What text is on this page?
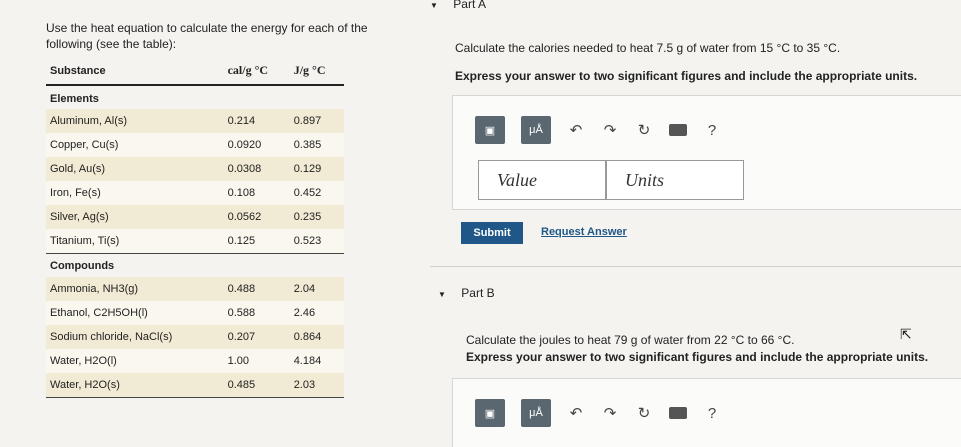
Use the heat equation to calculate the energy for each of the following (see the table):
Substance	cal/g °C	J/g °C
Elements		
Aluminum, Al(s)	0.214	0.897
Copper, Cu(s)	0.0920	0.385
Gold, Au(s)	0.0308	0.129
Iron, Fe(s)	0.108	0.452
Silver, Ag(s)	0.0562	0.235
Titanium, Ti(s)	0.125	0.523
Compounds		
Ammonia, NH3(g)	0.488	2.04
Ethanol, C2H5OH(l)	0.588	2.46
Sodium chloride, NaCl(s)	0.207	0.864
Water, H2O(l)	1.00	4.184
Water, H2O(s)	0.485	2.03
▼ Part A
Calculate the calories needed to heat 7.5 g of water from 15 °C to 35 °C.
Express your answer to two significant figures and include the appropriate units.
▣	μÅ	↶ ↷ ↻	?
Value	Units
Submit	Request Answer
▼ Part B
Calculate the joules to heat 79 g of water from 22 °C to 66 °C.
Express your answer to two significant figures and include the appropriate units.
▣	μÅ	↶ ↷ ↻	?
⇱
